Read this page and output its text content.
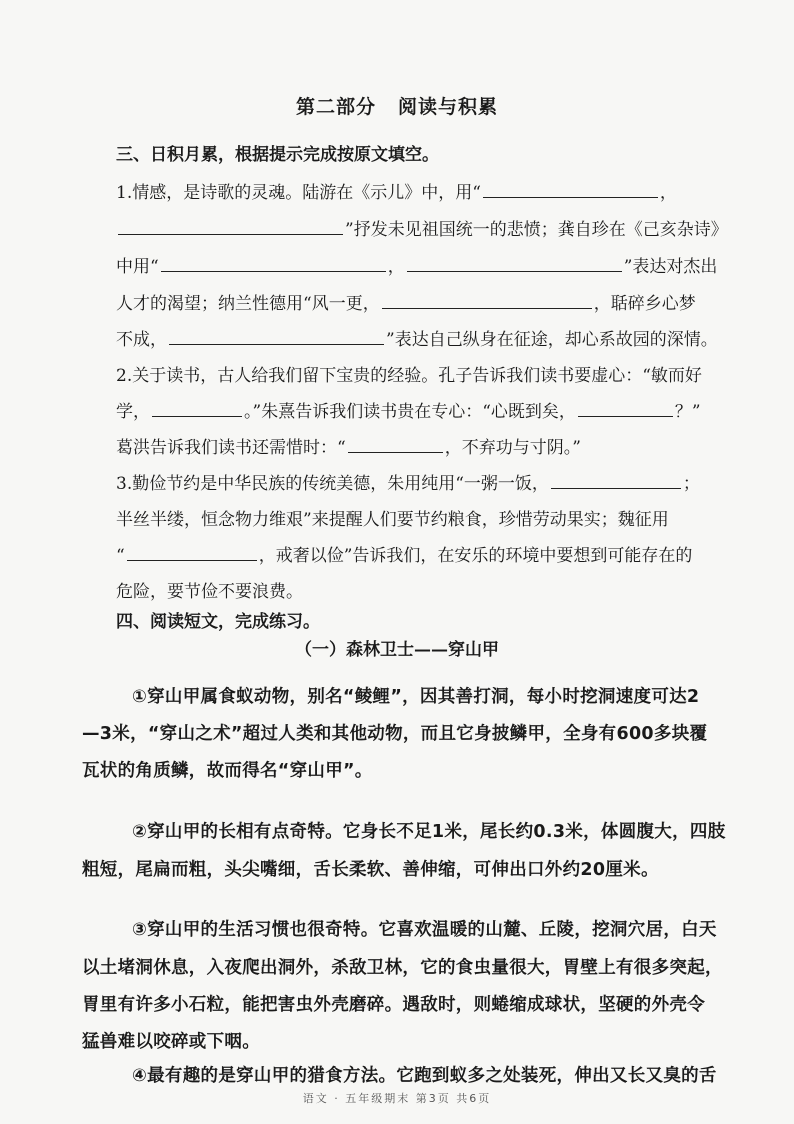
第二部分 阅读与积累
三、日积月累，根据提示完成按原文填空。
1.情感，是诗歌的灵魂。陆游在《示儿》中，用“	，
”抒发未见祖国统一的悲愤；龚自珍在《己亥杂诗》
中用“	，	”表达对杰出
人才的渴望；纳兰性德用“风一更，	，聒碎乡心梦
不成，	”表达自己纵身在征途，却心系故园的深情。
2.关于读书，古人给我们留下宝贵的经验。孔子告诉我们读书要虚心：“敏而好
学，	。”朱熹告诉我们读书贵在专心：“心既到矣，	？”
葛洪告诉我们读书还需惜时：“	，不弃功与寸阴。”
3.勤俭节约是中华民族的传统美德，朱用纯用“一粥一饭，	；
半丝半缕，恒念物力维艰”来提醒人们要节约粮食，珍惜劳动果实；魏征用
“	，戒奢以俭”告诉我们，在安乐的环境中要想到可能存在的
危险，要节俭不要浪费。
四、阅读短文，完成练习。
（一）森林卫士——穿山甲
①穿山甲属食蚁动物，别名“鲮鲤”，因其善打洞，每小时挖洞速度可达2
—3米，“穿山之术”超过人类和其他动物，而且它身披鳞甲，全身有600多块覆
瓦状的角质鳞，故而得名“穿山甲”。
②穿山甲的长相有点奇特。它身长不足1米，尾长约0.3米，体圆腹大，四肢
粗短，尾扁而粗，头尖嘴细，舌长柔软、善伸缩，可伸出口外约20厘米。
③穿山甲的生活习惯也很奇特。它喜欢温暖的山麓、丘陵，挖洞穴居，白天
以土堵洞休息，入夜爬出洞外，杀敌卫林，它的食虫量很大，胃壁上有很多突起，
胃里有许多小石粒，能把害虫外壳磨碎。遇敌时，则蜷缩成球状，坚硬的外壳令
猛兽难以咬碎或下咽。
④最有趣的是穿山甲的猎食方法。它跑到蚁多之处装死，伸出又长又臭的舌
语文 · 五年级期末 第3页 共6页
